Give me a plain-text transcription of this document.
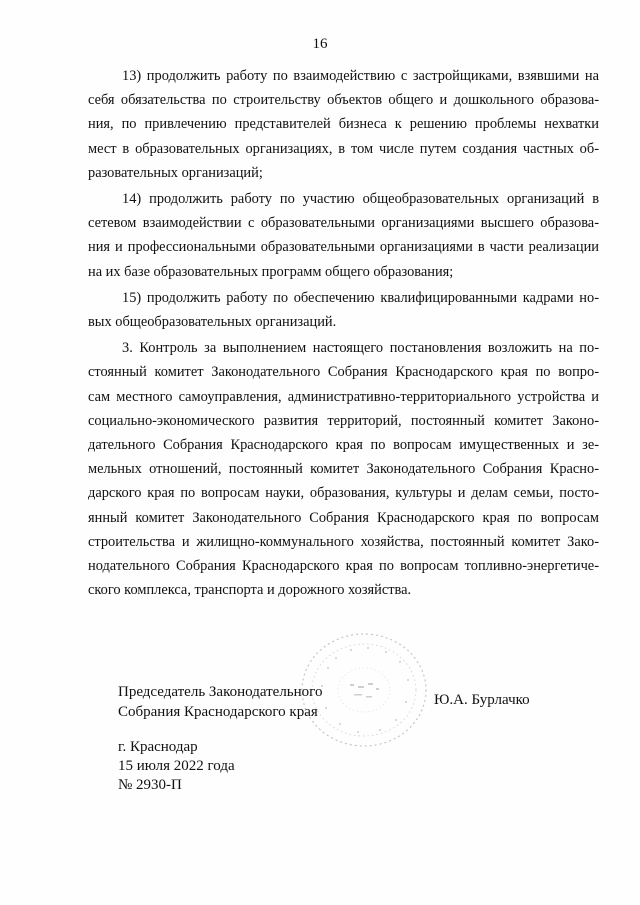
16

13) продолжить работу по взаимодействию с застройщиками, взявшими на
себя обязательства по строительству объектов общего и дошкольного образова-
ния, по привлечению представителей бизнеса к решению проблемы нехватки
мест в образовательных организациях, в том числе путем создания частных об-
разовательных организаций;

14) продолжить работу по участию общеобразовательных организаций в
сетевом взаимодействии с образовательными организациями высшего образова-
ния и профессиональными образовательными организациями в части реализации
на их базе образовательных программ общего образования;

15) продолжить работу по обеспечению квалифицированными кадрами но-
вых общеобразовательных организаций.

3. Контроль за выполнением настоящего постановления возложить на по-
стоянный комитет Законодательного Собрания Краснодарского края по вопро-
сам местного самоуправления, административно-территориального устройства и
социально-экономического развития территорий, постоянный комитет Законо-
дательного Собрания Краснодарского края по вопросам имущественных и зе-
мельных отношений, постоянный комитет Законодательного Собрания Красно-
дарского края по вопросам науки, образования, культуры и делам семьи, посто-
янный комитет Законодательного Собрания Краснодарского края по вопросам
строительства и жилищно-коммунального хозяйства, постоянный комитет Зако-
нодательного Собрания Краснодарского края по вопросам топливно-энергетиче-
ского комплекса, транспорта и дорожного хозяйства.

Председатель Законодательного
Собрания Краснодарского края
Ю.А. Бурлачко
г. Краснодар
15 июля 2022 года
№ 2930-П
